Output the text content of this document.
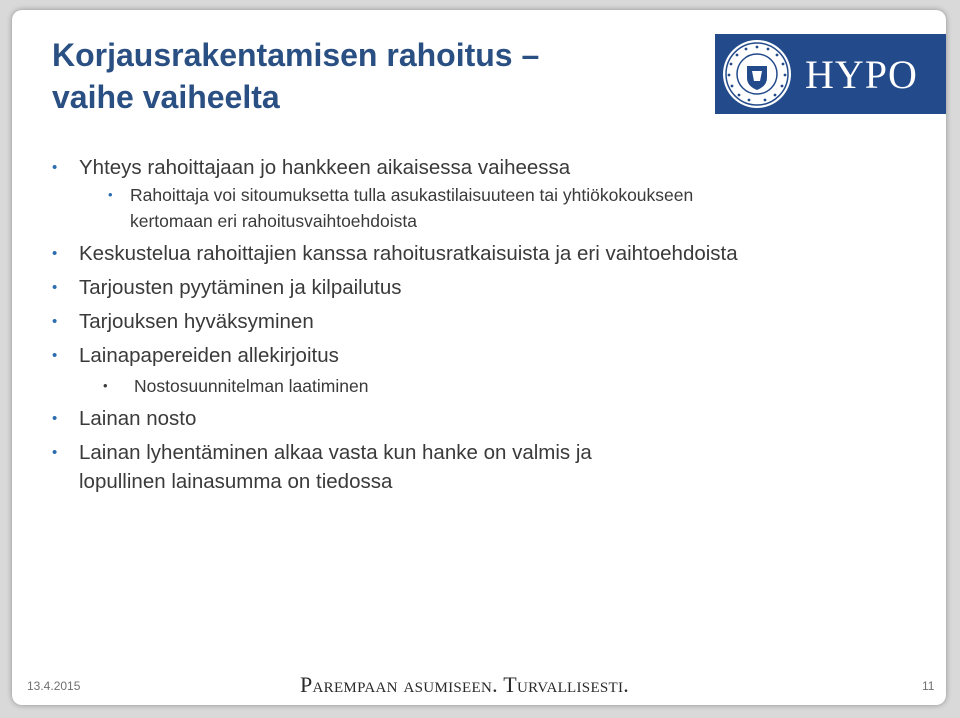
Korjausrakentamisen rahoitus –
vaihe vaiheelta
HYPO
• Yhteys rahoittajaan jo hankkeen aikaisessa vaiheessa
• Rahoittaja voi sitoumuksetta tulla asukastilaisuuteen tai yhtiökokoukseen
kertomaan eri rahoitusvaihtoehdoista
• Keskustelua rahoittajien kanssa rahoitusratkaisuista ja eri vaihtoehdoista
• Tarjousten pyytäminen ja kilpailutus
• Tarjouksen hyväksyminen
• Lainapapereiden allekirjoitus
• Nostosuunnitelman laatiminen
• Lainan nosto
• Lainan lyhentäminen alkaa vasta kun hanke on valmis ja
lopullinen lainasumma on tiedossa
13.4.2015	Parempaan asumiseen. Turvallisesti.	11
